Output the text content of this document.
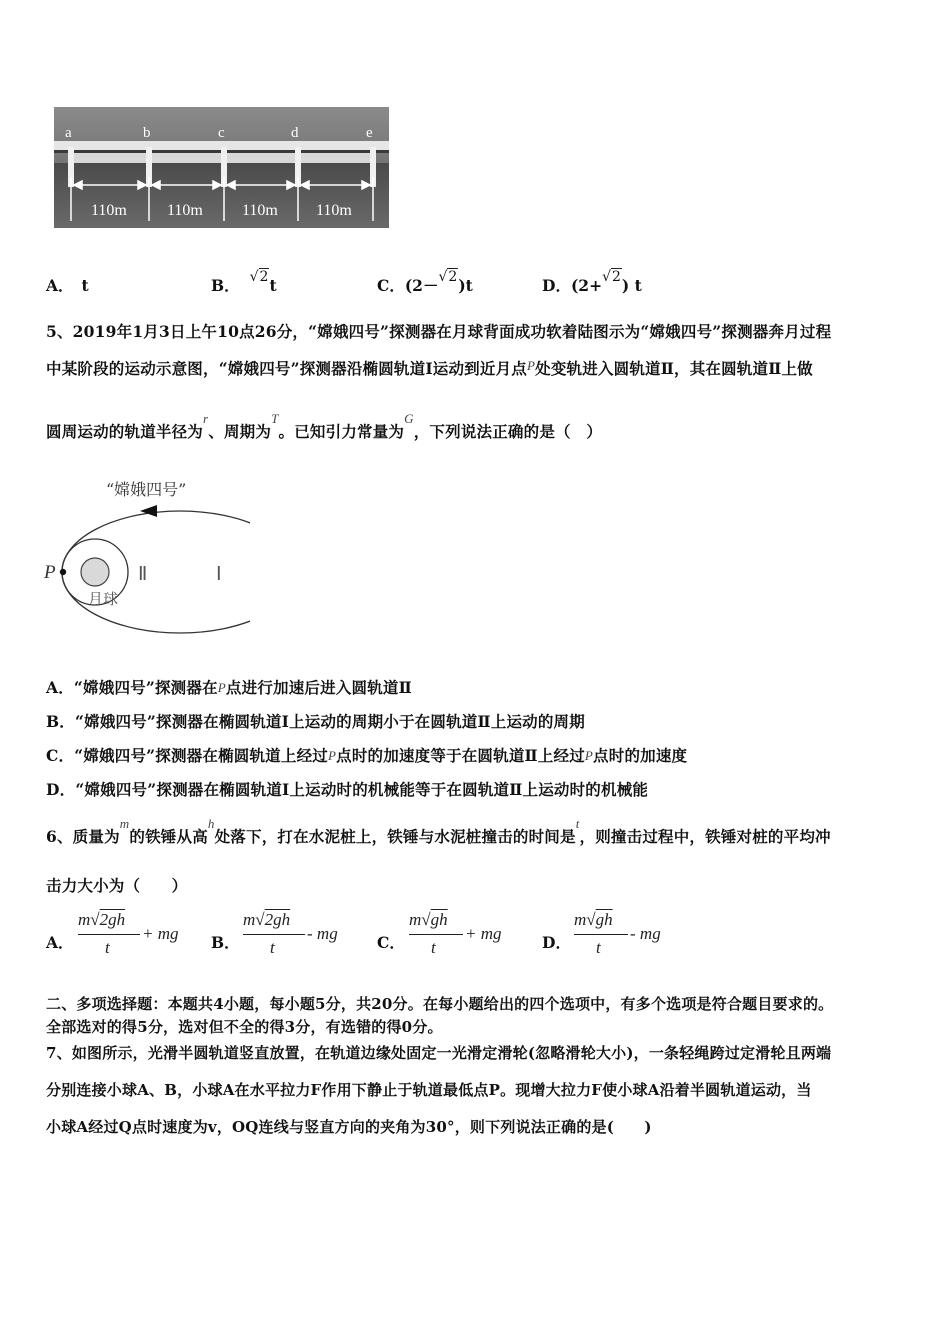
a	b	c	d	e
110m	110m 110m 110m
A． t	B． √2t	C．(2－√2)t	D．(2+√2) t
5、2019年1月3日上午10点26分，“嫦娥四号”探测器在月球背面成功软着陆图示为“嫦娥四号”探测器奔月过程
中某阶段的运动示意图，“嫦娥四号”探测器沿椭圆轨道Ⅰ运动到近月点$^P$处变轨进入圆轨道Ⅱ，其在圆轨道Ⅱ上做
圆周运动的轨道半径为$^r$、周期为$^T$。已知引力常量为$^G$，下列说法正确的是（　）
“嫦娥四号”
P	Ⅱ	Ⅰ
月球
A．“嫦娥四号”探测器在P点进行加速后进入圆轨道Ⅱ
B．“嫦娥四号”探测器在椭圆轨道Ⅰ上运动的周期小于在圆轨道Ⅱ上运动的周期
C．“嫦娥四号”探测器在椭圆轨道上经过P点时的加速度等于在圆轨道Ⅱ上经过P点时的加速度
D．“嫦娥四号”探测器在椭圆轨道Ⅰ上运动时的机械能等于在圆轨道Ⅱ上运动时的机械能
6、质量为$^m$的铁锤从高$^h$处落下，打在水泥桩上，铁锤与水泥桩撞击的时间是$^t$，则撞击过程中，铁锤对桩的平均冲
击力大小为（　　）
A．
m√2gh
t
+ mg B．
m√2gh
t
- mg	C．
m√gh
t
+ mg	D．
m√gh
t
- mg
二、多项选择题：本题共4小题，每小题5分，共20分。在每小题给出的四个选项中，有多个选项是符合题目要求的。
全部选对的得5分，选对但不全的得3分，有选错的得0分。
7、如图所示，光滑半圆轨道竖直放置，在轨道边缘处固定一光滑定滑轮(忽略滑轮大小)，一条轻绳跨过定滑轮且两端
分别连接小球A、B，小球A在水平拉力F作用下静止于轨道最低点P。现增大拉力F使小球A沿着半圆轨道运动，当
小球A经过Q点时速度为v，OQ连线与竖直方向的夹角为30°，则下列说法正确的是(　　)
